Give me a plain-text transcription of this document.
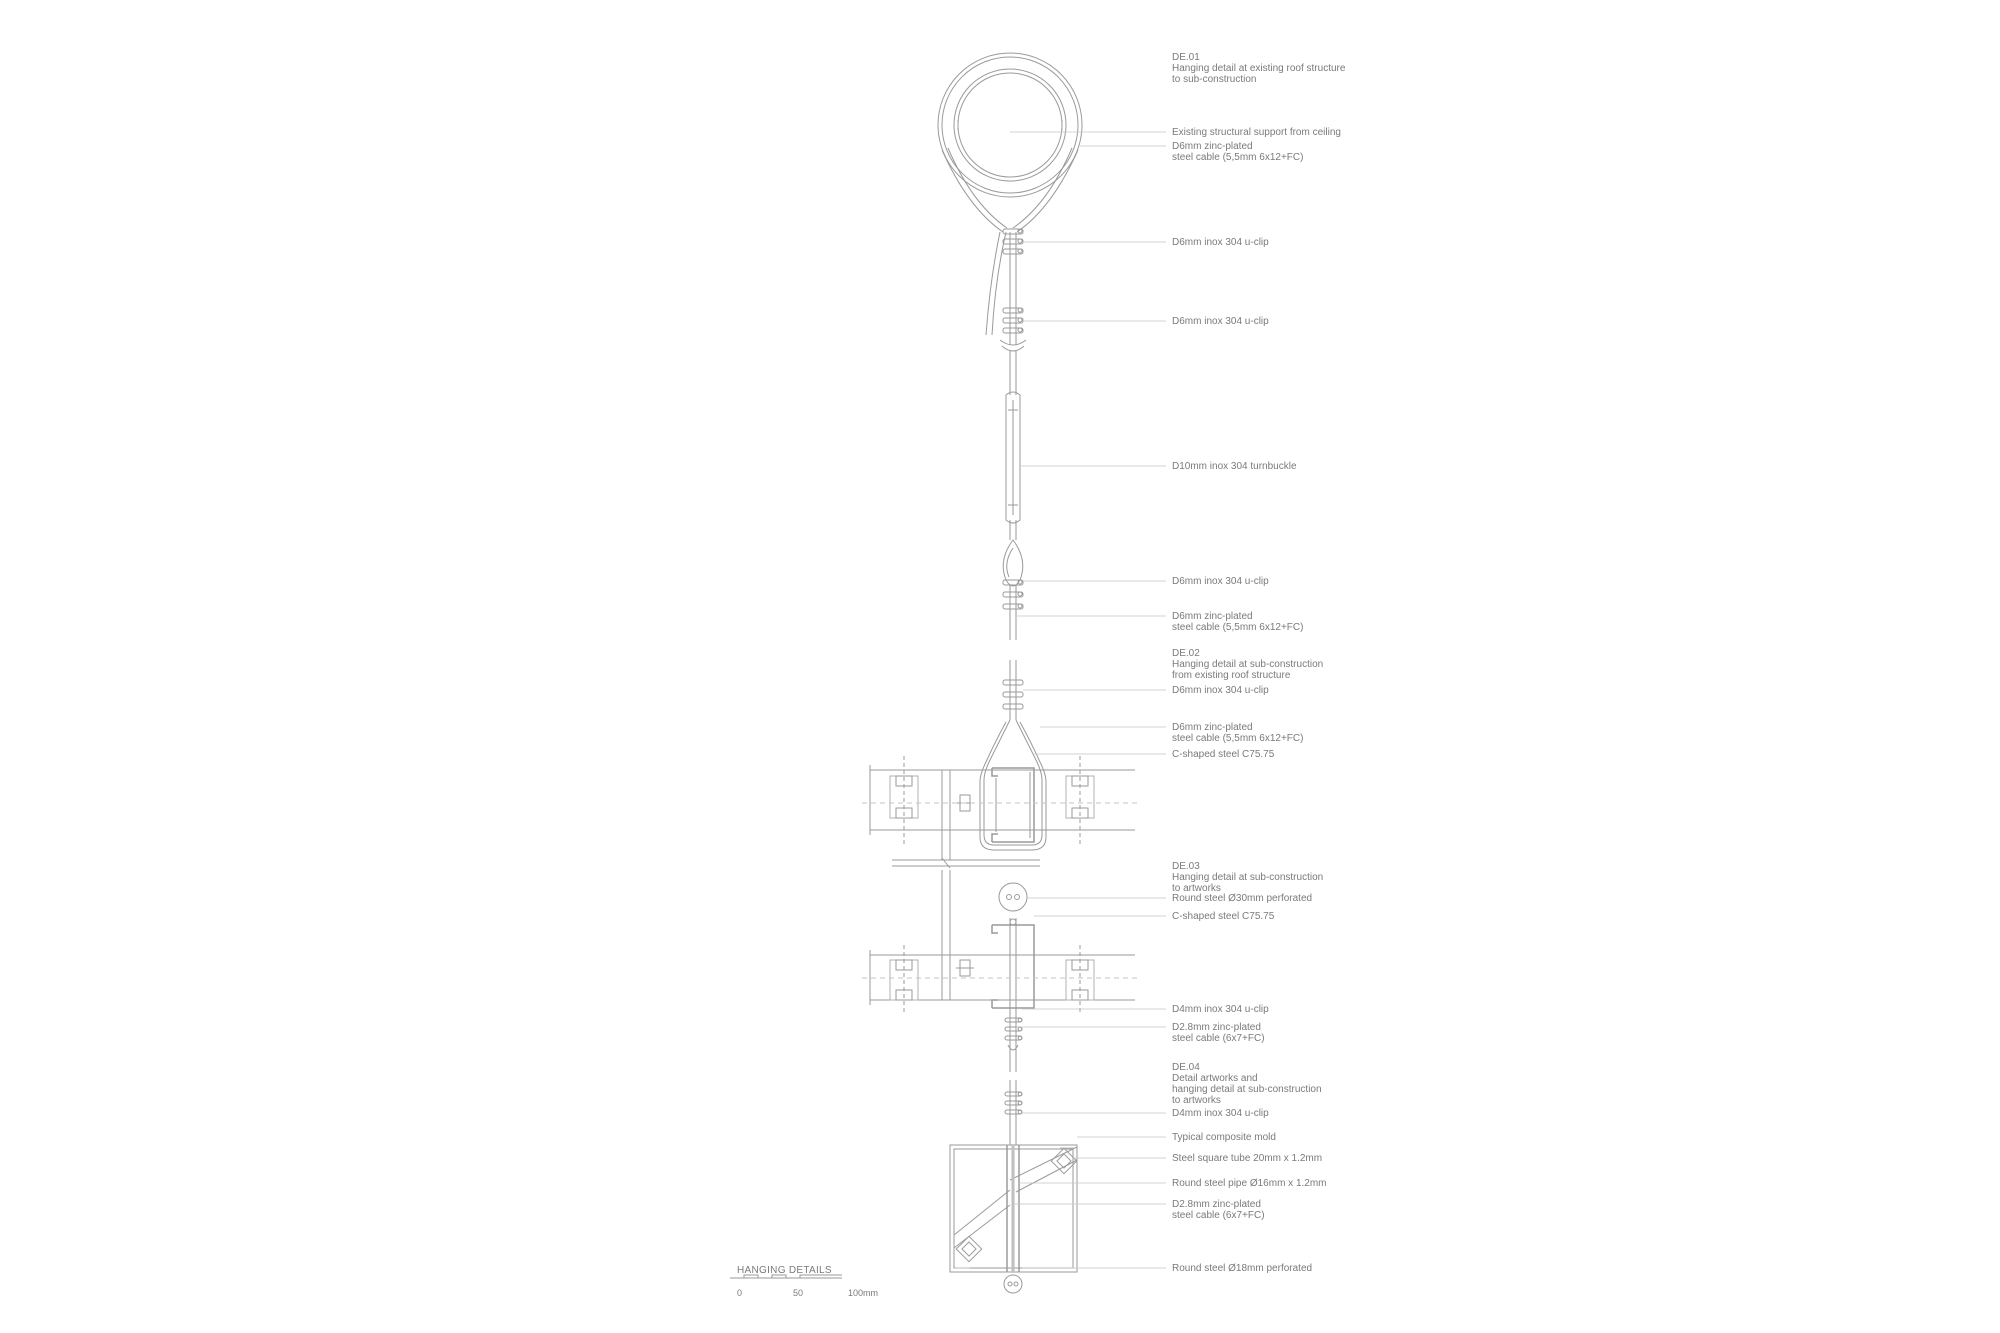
DE.01
Hanging detail at existing roof structure
to sub-construction
Existing structural support from ceiling
D6mm zinc-plated
steel cable (5,5mm 6x12+FC)
D6mm inox 304 u-clip
D6mm inox 304 u-clip
D10mm inox 304 turnbuckle
D6mm inox 304 u-clip
D6mm zinc-plated
steel cable (5,5mm 6x12+FC)
DE.02
Hanging detail at sub-construction
from existing roof structure
D6mm inox 304 u-clip
D6mm zinc-plated
steel cable (5,5mm 6x12+FC)
C-shaped steel C75.75
DE.03
Hanging detail at sub-construction
to artworks
Round steel Ø30mm perforated
C-shaped steel C75.75
D4mm inox 304 u-clip
D2.8mm zinc-plated
steel cable (6x7+FC)
DE.04
Detail artworks and
hanging detail at sub-construction
to artworks
D4mm inox 304 u-clip
Typical composite mold
Steel square tube 20mm x 1.2mm
Round steel pipe Ø16mm x 1.2mm
D2.8mm zinc-plated
steel cable (6x7+FC)
Round steel Ø18mm perforated
HANGING DETAILS
0	50	100mm
